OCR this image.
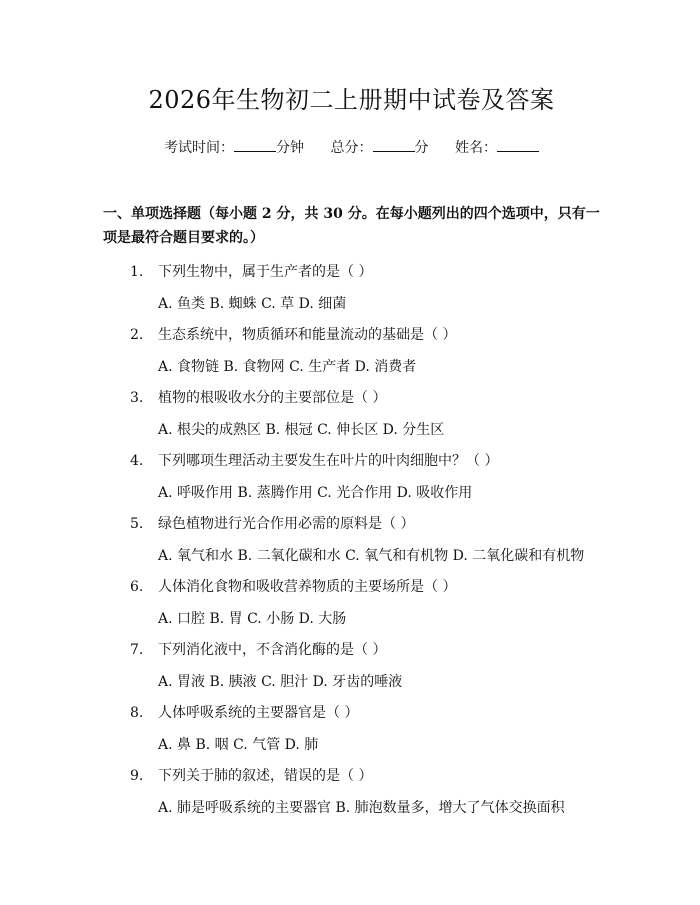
2026年生物初二上册期中试卷及答案
考试时间：	分钟 总分：	分 姓名：
一、单项选择题（每小题 2 分，共 30 分。在每小题列出的四个选项中，只有一项是最符合题目要求的。）
1. 下列生物中，属于生产者的是（ ）
A. 鱼类 B. 蜘蛛 C. 草 D. 细菌
2. 生态系统中，物质循环和能量流动的基础是（ ）
A. 食物链 B. 食物网 C. 生产者 D. 消费者
3. 植物的根吸收水分的主要部位是（ ）
A. 根尖的成熟区 B. 根冠 C. 伸长区 D. 分生区
4. 下列哪项生理活动主要发生在叶片的叶肉细胞中？（ ）
A. 呼吸作用 B. 蒸腾作用 C. 光合作用 D. 吸收作用
5. 绿色植物进行光合作用必需的原料是（ ）
A. 氧气和水 B. 二氧化碳和水 C. 氧气和有机物 D. 二氧化碳和有机物
6. 人体消化食物和吸收营养物质的主要场所是（ ）
A. 口腔 B. 胃 C. 小肠 D. 大肠
7. 下列消化液中，不含消化酶的是（ ）
A. 胃液 B. 胰液 C. 胆汁 D. 牙齿的唾液
8. 人体呼吸系统的主要器官是（ ）
A. 鼻 B. 咽 C. 气管 D. 肺
9. 下列关于肺的叙述，错误的是（ ）
A. 肺是呼吸系统的主要器官 B. 肺泡数量多，增大了气体交换面积
